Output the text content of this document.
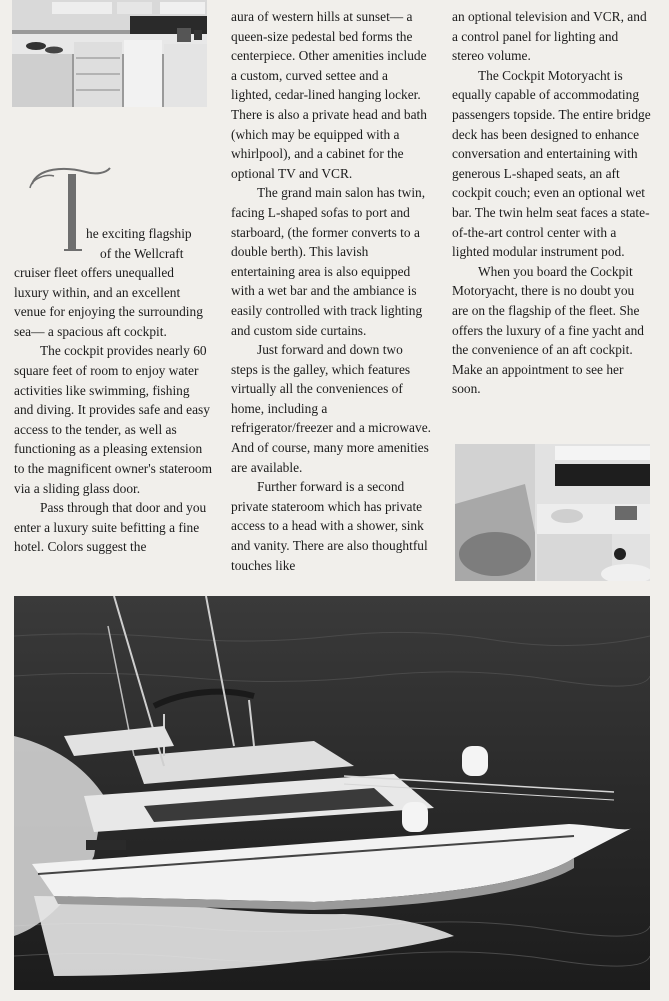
T
he exciting flagship
of the Wellcraft

cruiser fleet offers unequalled luxury within, and an excellent venue for enjoying the surrounding sea— a spacious aft cockpit.

The cockpit provides nearly 60 square feet of room to enjoy water activities like swimming, fishing and diving. It provides safe and easy access to the tender, as well as functioning as a pleasing extension to the magnificent owner's stateroom via a sliding glass door.

Pass through that door and you enter a luxury suite befitting a fine hotel. Colors suggest the

aura of western hills at sunset— a queen-size pedestal bed forms the centerpiece. Other amenities include a custom, curved settee and a lighted, cedar-lined hanging locker. There is also a private head and bath (which may be equipped with a whirlpool), and a cabinet for the optional TV and VCR.

The grand main salon has twin, facing L-shaped sofas to port and starboard, (the former converts to a double berth). This lavish entertaining area is also equipped with a wet bar and the ambiance is easily controlled with track lighting and custom side curtains.

Just forward and down two steps is the galley, which features virtually all the conveniences of home, including a refrigerator/freezer and a microwave. And of course, many more amenities are available.

Further forward is a second private stateroom which has private access to a head with a shower, sink and vanity. There are also thoughtful touches like

an optional television and VCR, and a control panel for lighting and stereo volume.

The Cockpit Motoryacht is equally capable of accommodating passengers topside. The entire bridge deck has been designed to enhance conversation and entertaining with generous L-shaped seats, an aft cockpit couch; even an optional wet bar. The twin helm seat faces a state-of-the-art control center with a lighted modular instrument pod.

When you board the Cockpit Motoryacht, there is no doubt you are on the flagship of the fleet. She offers the luxury of a fine yacht and the convenience of an aft cockpit. Make an appointment to see her soon.
